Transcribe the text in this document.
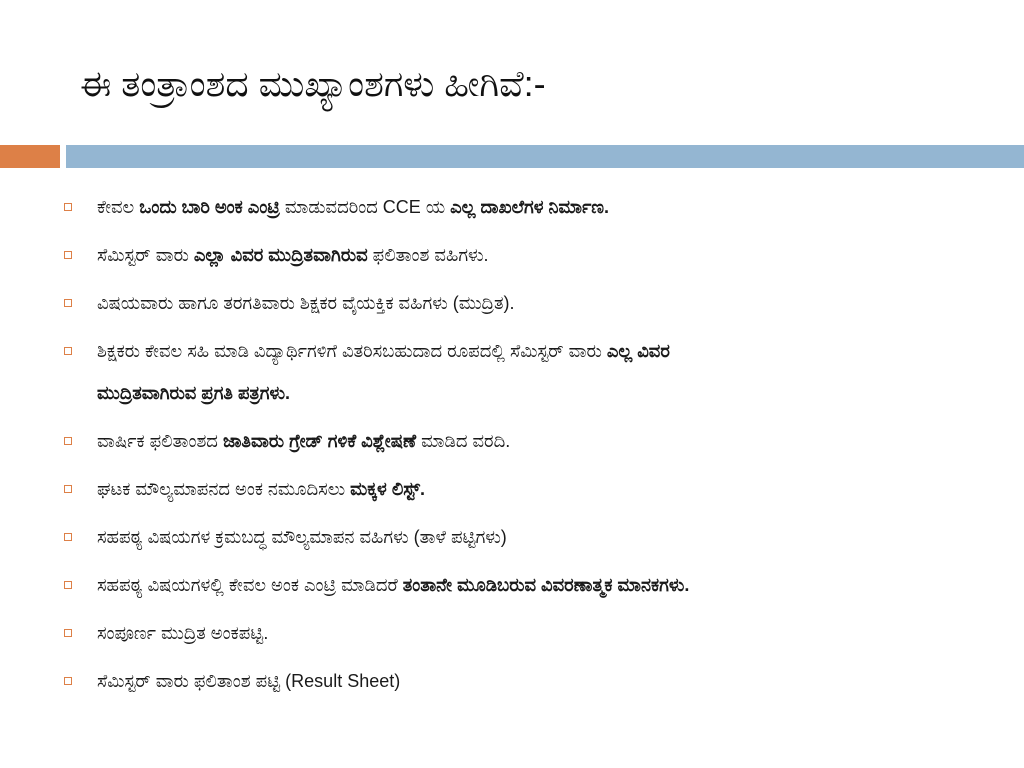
ಈ ತಂತ್ರಾಂಶದ ಮುಖ್ಯಾಂಶಗಳು ಹೀಗಿವೆ:-
ಕೇವಲ ಒಂದು ಬಾರಿ ಅಂಕ ಎಂಟ್ರಿ ಮಾಡುವದರಿಂದ CCE ಯ ಎಲ್ಲ ದಾಖಲೆಗಳ ನಿರ್ಮಾಣ.
ಸೆಮಿಸ್ಟರ್ ವಾರು ಎಲ್ಲಾ ವಿವರ ಮುದ್ರಿತವಾಗಿರುವ ಫಲಿತಾಂಶ ವಹಿಗಳು.
ವಿಷಯವಾರು ಹಾಗೂ ತರಗತಿವಾರು ಶಿಕ್ಷಕರ ವೈಯಕ್ತಿಕ ವಹಿಗಳು (ಮುದ್ರಿತ).
ಶಿಕ್ಷಕರು ಕೇವಲ ಸಹಿ ಮಾಡಿ ವಿದ್ಯಾರ್ಥಿಗಳಿಗೆ ವಿತರಿಸಬಹುದಾದ ರೂಪದಲ್ಲಿ ಸೆಮಿಸ್ಟರ್ ವಾರು ಎಲ್ಲ ವಿವರ
ಮುದ್ರಿತವಾಗಿರುವ ಪ್ರಗತಿ ಪತ್ರಗಳು.
ವಾರ್ಷಿಕ ಫಲಿತಾಂಶದ ಜಾತಿವಾರು ಗ್ರೇಡ್ ಗಳಿಕೆ ವಿಶ್ಲೇಷಣೆ ಮಾಡಿದ ವರದಿ.
ಘಟಕ ಮೌಲ್ಯಮಾಪನದ ಅಂಕ ನಮೂದಿಸಲು ಮಕ್ಕಳ ಲಿಸ್ಟ್.
ಸಹಪಠ್ಯ ವಿಷಯಗಳ ಕ್ರಮಬದ್ಧ ಮೌಲ್ಯಮಾಪನ ವಹಿಗಳು (ತಾಳೆ ಪಟ್ಟಿಗಳು)
ಸಹಪಠ್ಯ ವಿಷಯಗಳಲ್ಲಿ ಕೇವಲ ಅಂಕ ಎಂಟ್ರಿ ಮಾಡಿದರೆ ತಂತಾನೇ ಮೂಡಿಬರುವ ವಿವರಣಾತ್ಮಕ ಮಾನಕಗಳು.
ಸಂಪೂರ್ಣ ಮುದ್ರಿತ ಅಂಕಪಟ್ಟಿ.
ಸೆಮಿಸ್ಟರ್ ವಾರು ಫಲಿತಾಂಶ ಪಟ್ಟಿ (Result Sheet)
